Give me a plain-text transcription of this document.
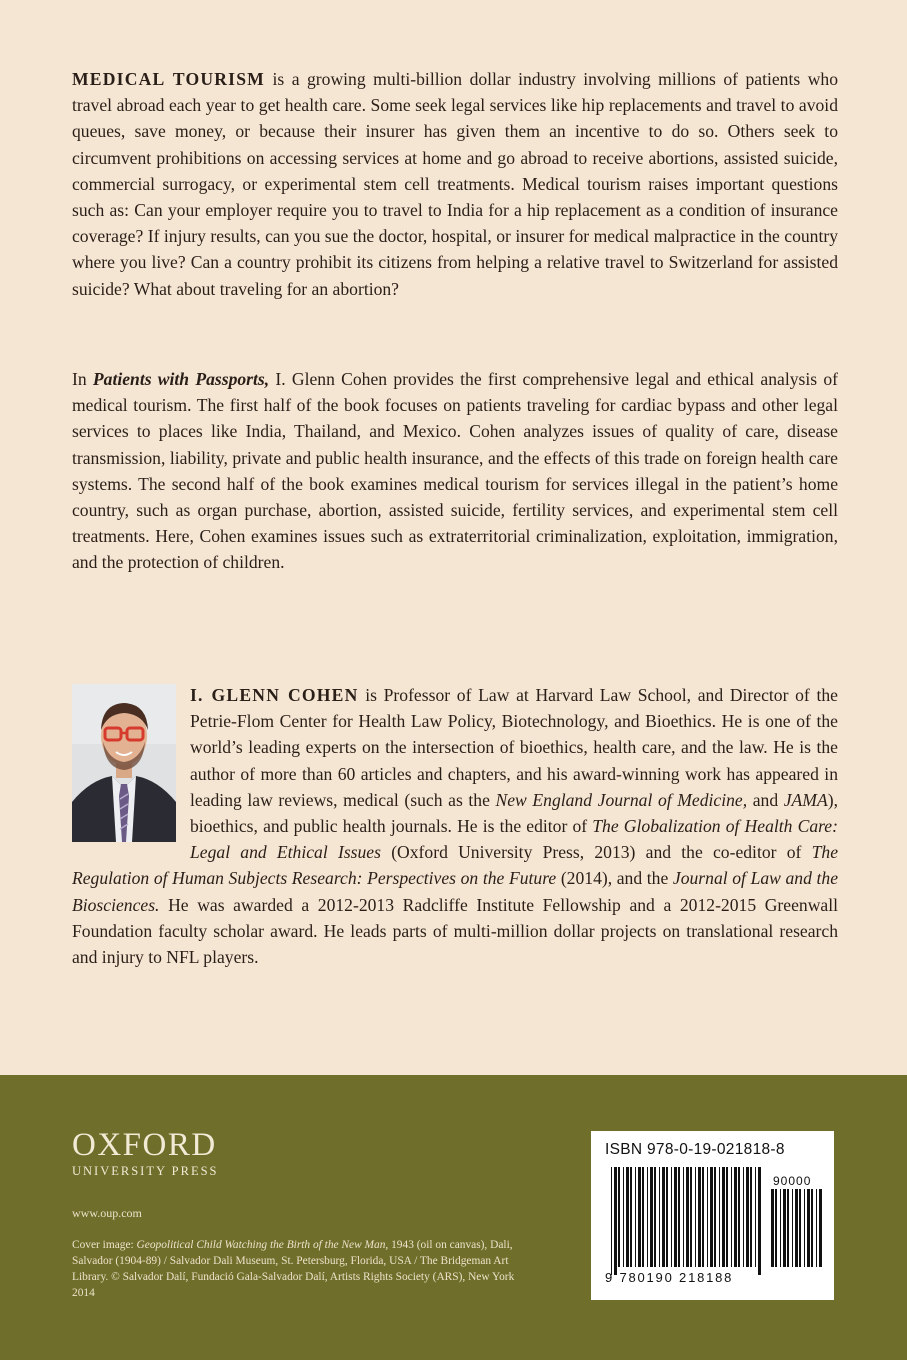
MEDICAL TOURISM is a growing multi-billion dollar industry involving millions of patients who travel abroad each year to get health care. Some seek legal services like hip replacements and travel to avoid queues, save money, or because their insurer has given them an incentive to do so. Others seek to circumvent prohibitions on accessing services at home and go abroad to receive abortions, assisted suicide, commercial surrogacy, or experimental stem cell treatments. Medical tourism raises important questions such as: Can your employer require you to travel to India for a hip replacement as a condition of insurance coverage? If injury results, can you sue the doctor, hospital, or insurer for medical malpractice in the country where you live? Can a country prohibit its citizens from helping a relative travel to Switzerland for assisted suicide? What about traveling for an abortion?

In Patients with Passports, I. Glenn Cohen provides the first comprehensive legal and ethical analysis of medical tourism. The first half of the book focuses on patients traveling for cardiac bypass and other legal services to places like India, Thailand, and Mexico. Cohen analyzes issues of quality of care, disease transmission, liability, private and public health insurance, and the effects of this trade on foreign health care systems. The second half of the book examines medical tourism for services illegal in the patient’s home country, such as organ purchase, abortion, assisted suicide, fertility services, and experimental stem cell treatments. Here, Cohen examines issues such as extraterritorial criminalization, exploitation, immigration, and the protection of children.

I. GLENN COHEN is Professor of Law at Harvard Law School, and Director of the Petrie-Flom Center for Health Law Policy, Biotechnology, and Bioethics. He is one of the world’s leading experts on the intersection of bioethics, health care, and the law. He is the author of more than 60 articles and chapters, and his award-winning work has appeared in leading law reviews, medical (such as the New England Journal of Medicine, and JAMA), bioethics, and public health journals. He is the editor of The Globalization of Health Care: Legal and Ethical Issues (Oxford University Press, 2013) and the co-editor of The Regulation of Human Subjects Research: Perspectives on the Future (2014), and the Journal of Law and the Biosciences. He was awarded a 2012-2013 Radcliffe Institute Fellowship and a 2012-2015 Greenwall Foundation faculty scholar award. He leads parts of multi-million dollar projects on translational research and injury to NFL players.

OXFORD
UNIVERSITY PRESS
www.oup.com

Cover image: Geopolitical Child Watching the Birth of the New Man, 1943 (oil on canvas), Dali, Salvador (1904-89) / Salvador Dali Museum, St. Petersburg, Florida, USA / The Bridgeman Art Library. © Salvador Dalí, Fundació Gala-Salvador Dalí, Artists Rights Society (ARS), New York 2014

ISBN 978-0-19-021818-8
90000
9 780190 218188
